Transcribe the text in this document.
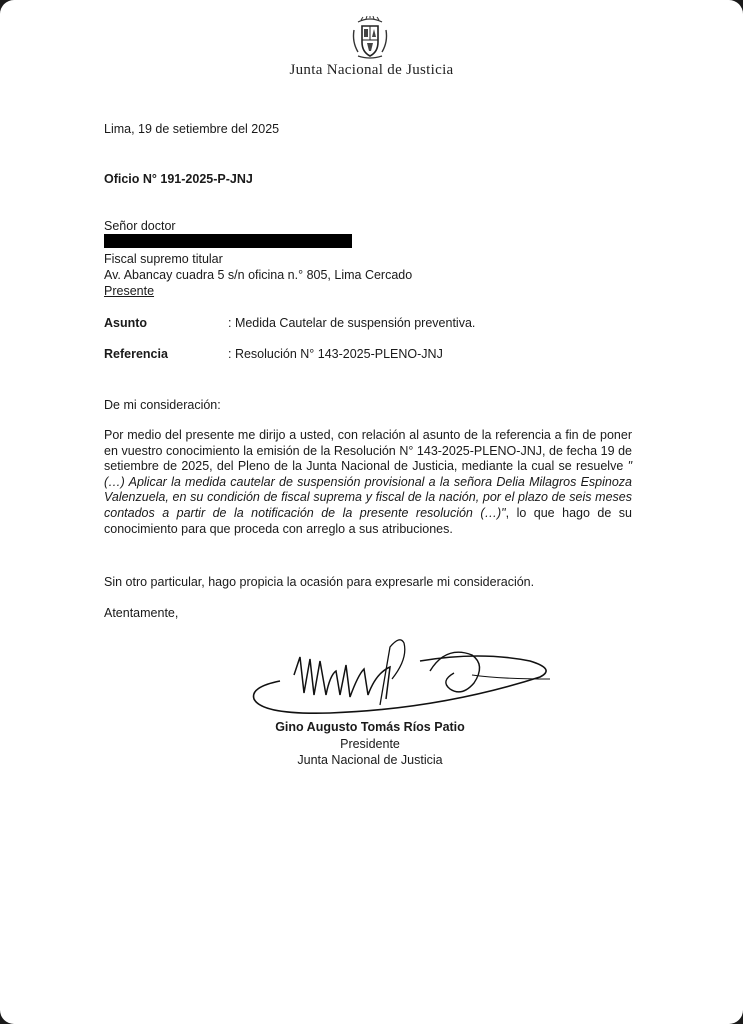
Junta Nacional de Justicia
Lima, 19 de setiembre del 2025
Oficio N° 191-2025-P-JNJ
Señor doctor
Fiscal supremo titular
Av. Abancay cuadra 5 s/n oficina n.° 805, Lima Cercado
Presente
Asunto	: Medida Cautelar de suspensión preventiva.
Referencia	: Resolución N° 143-2025-PLENO-JNJ
De mi consideración:
Por medio del presente me dirijo a usted, con relación al asunto de la referencia a fin de poner en vuestro conocimiento la emisión de la Resolución N° 143-2025-PLENO-JNJ, de fecha 19 de setiembre de 2025, del Pleno de la Junta Nacional de Justicia, mediante la cual se resuelve "(…) Aplicar la medida cautelar de suspensión provisional a la señora Delia Milagros Espinoza Valenzuela, en su condición de fiscal suprema y fiscal de la nación, por el plazo de seis meses contados a partir de la notificación de la presente resolución (…)", lo que hago de su conocimiento para que proceda con arreglo a sus atribuciones.
Sin otro particular, hago propicia la ocasión para expresarle mi consideración.
Atentamente,
Gino Augusto Tomás Ríos Patio
Presidente
Junta Nacional de Justicia
